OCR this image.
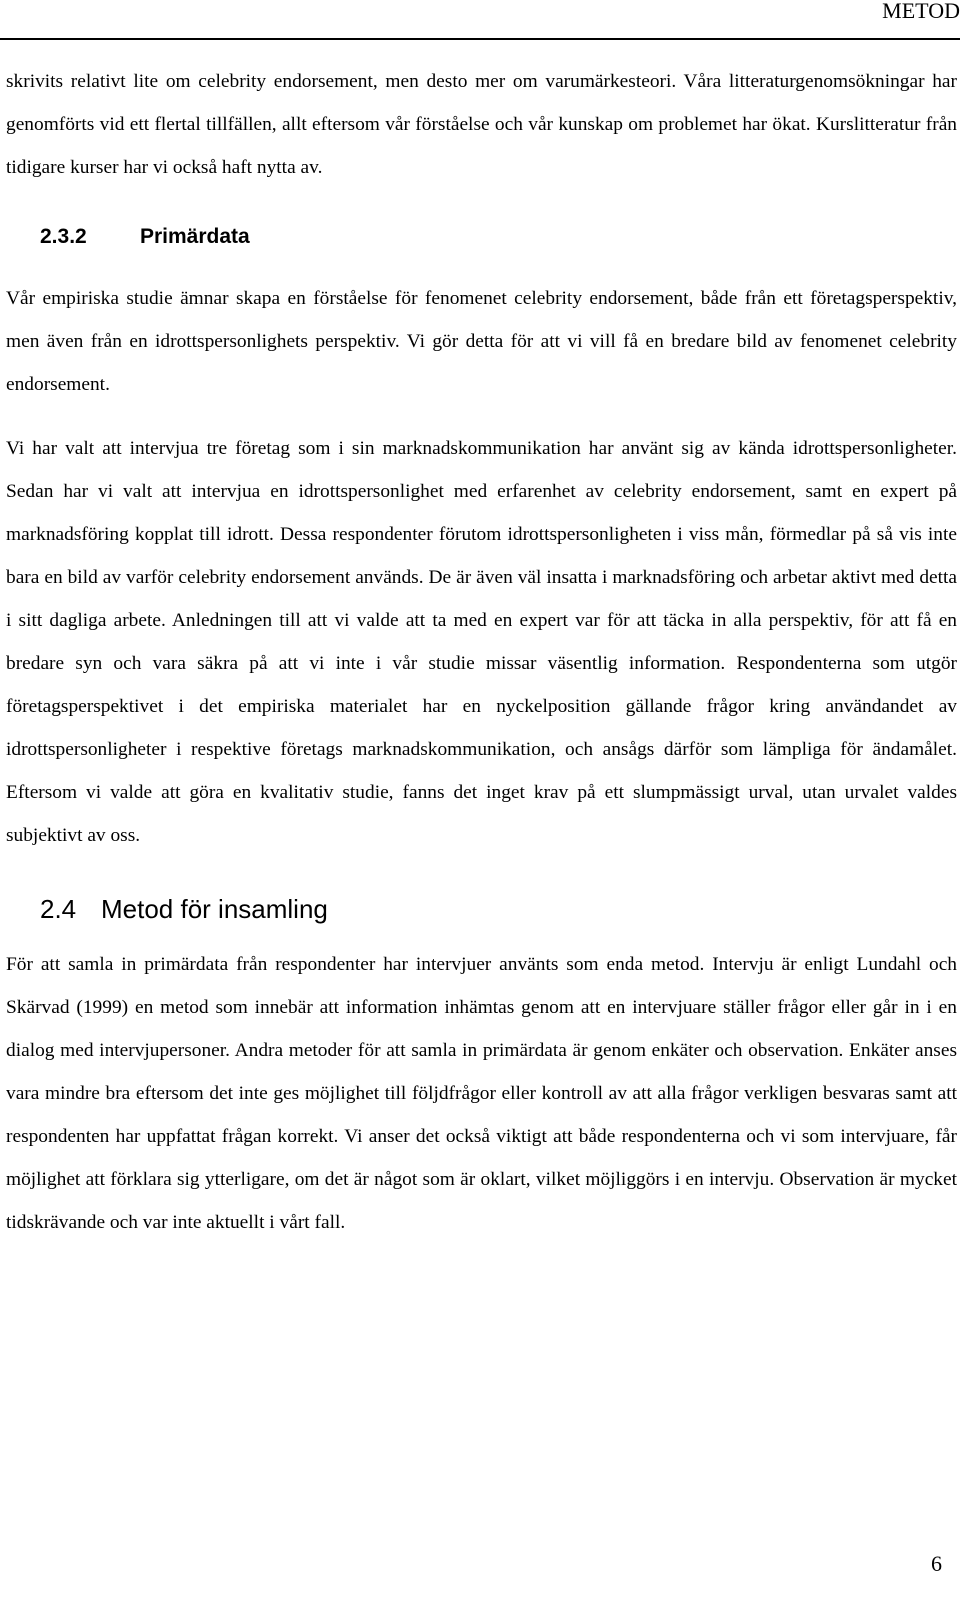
METOD

skrivits relativt lite om celebrity endorsement, men desto mer om varumärkesteori. Våra litteraturgenomsökningar har genomförts vid ett flertal tillfällen, allt eftersom vår förståelse och vår kunskap om problemet har ökat. Kurslitteratur från tidigare kurser har vi också haft nytta av.

2.3.2	Primärdata

Vår empiriska studie ämnar skapa en förståelse för fenomenet celebrity endorsement, både från ett företagsperspektiv, men även från en idrottspersonlighets perspektiv. Vi gör detta för att vi vill få en bredare bild av fenomenet celebrity endorsement.

Vi har valt att intervjua tre företag som i sin marknadskommunikation har använt sig av kända idrottspersonligheter. Sedan har vi valt att intervjua en idrottspersonlighet med erfarenhet av celebrity endorsement, samt en expert på marknadsföring kopplat till idrott. Dessa respondenter förutom idrottspersonligheten i viss mån, förmedlar på så vis inte bara en bild av varför celebrity endorsement används. De är även väl insatta i marknadsföring och arbetar aktivt med detta i sitt dagliga arbete. Anledningen till att vi valde att ta med en expert var för att täcka in alla perspektiv, för att få en bredare syn och vara säkra på att vi inte i vår studie missar väsentlig information. Respondenterna som utgör företagsperspektivet i det empiriska materialet har en nyckelposition gällande frågor kring användandet av idrottspersonligheter i respektive företags marknadskommunikation, och ansågs därför som lämpliga för ändamålet. Eftersom vi valde att göra en kvalitativ studie, fanns det inget krav på ett slumpmässigt urval, utan urvalet valdes subjektivt av oss.

2.4 Metod för insamling

För att samla in primärdata från respondenter har intervjuer använts som enda metod. Intervju är enligt Lundahl och Skärvad (1999) en metod som innebär att information inhämtas genom att en intervjuare ställer frågor eller går in i en dialog med intervjupersoner. Andra metoder för att samla in primärdata är genom enkäter och observation. Enkäter anses vara mindre bra eftersom det inte ges möjlighet till följdfrågor eller kontroll av att alla frågor verkligen besvaras samt att respondenten har uppfattat frågan korrekt. Vi anser det också viktigt att både respondenterna och vi som intervjuare, får möjlighet att förklara sig ytterligare, om det är något som är oklart, vilket möjliggörs i en intervju. Observation är mycket tidskrävande och var inte aktuellt i vårt fall.

6
